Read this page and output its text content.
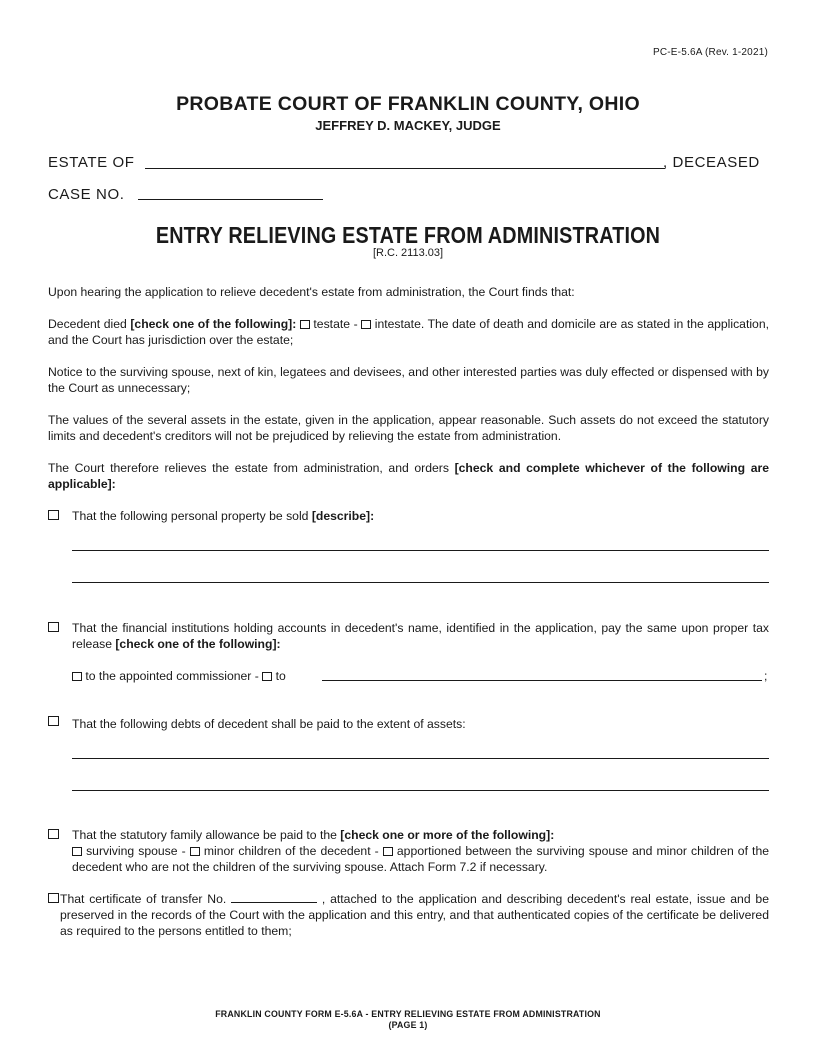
PC-E-5.6A (Rev. 1-2021)
PROBATE COURT OF FRANKLIN COUNTY, OHIO
JEFFREY D. MACKEY, JUDGE
ESTATE OF	, DECEASED
CASE NO.
ENTRY RELIEVING ESTATE FROM ADMINISTRATION
[R.C. 2113.03]
Upon hearing the application to relieve decedent's estate from administration, the Court finds that:
Decedent died [check one of the following]:  testate -  intestate. The date of death and domicile are as stated in the application, and the Court has jurisdiction over the estate;
Notice to the surviving spouse, next of kin, legatees and devisees, and other interested parties was duly effected or dispensed with by the Court as unnecessary;
The values of the several assets in the estate, given in the application, appear reasonable. Such assets do not exceed the statutory limits and decedent's creditors will not be prejudiced by relieving the estate from administration.
The Court therefore relieves the estate from administration, and orders [check and complete whichever of the following are applicable]:
That the following personal property be sold [describe]:
That the financial institutions holding accounts in decedent's name, identified in the application, pay the same upon proper tax release [check one of the following]:
to the appointed commissioner -  to	;
That the following debts of decedent shall be paid to the extent of assets:
That the statutory family allowance be paid to the [check one or more of the following]:
surviving spouse -  minor children of the decedent -  apportioned between the surviving spouse and minor children of the decedent who are not the children of the surviving spouse. Attach Form 7.2 if necessary.
That certificate of transfer No.	, attached to the application and describing decedent's real estate, issue and be preserved in the records of the Court with the application and this entry, and that authenticated copies of the certificate be delivered as required to the persons entitled to them;
FRANKLIN COUNTY FORM E-5.6A - ENTRY RELIEVING ESTATE FROM ADMINISTRATION
(PAGE 1)
